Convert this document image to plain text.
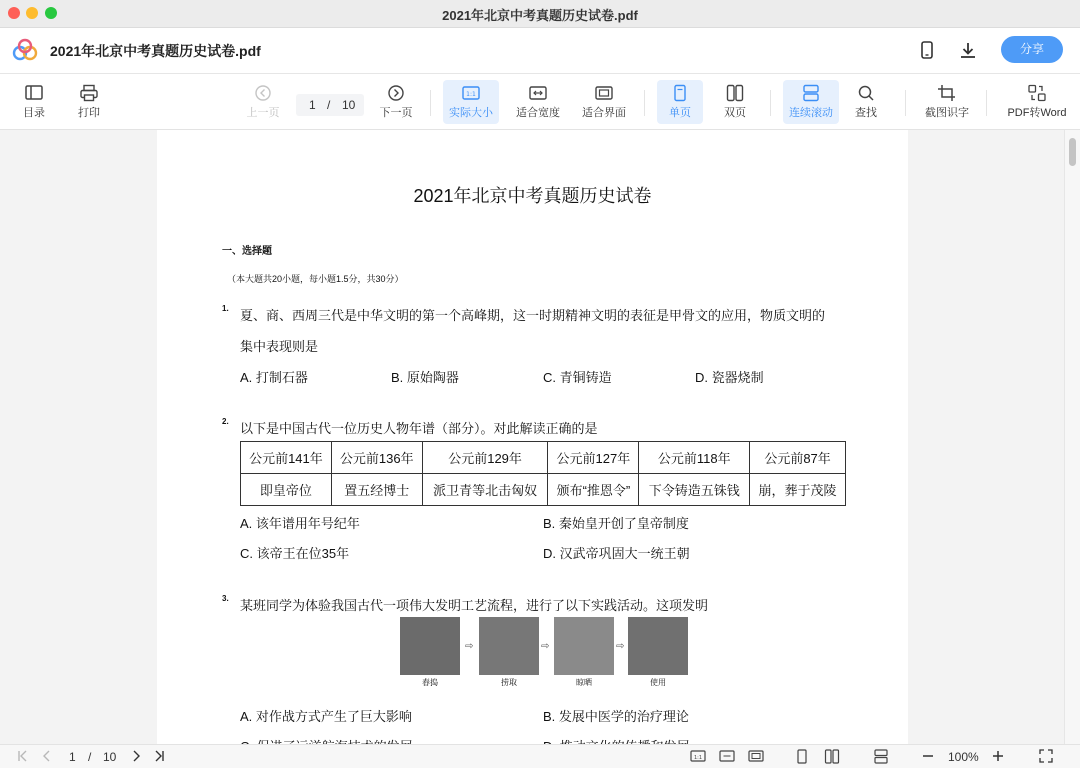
2021年北京中考真题历史试卷.pdf
2021年北京中考真题历史试卷.pdf	分享
目录	打印	上一页
1 / 10
下一页
1:1
实际大小	适合宽度	适合界面	单页	双页	连续滚动	查找	截图识字	PDF转Word
2021年北京中考真题历史试卷
一、选择题
（本大题共20小题，每小题1.5分，共30分）
1. 夏、商、西周三代是中华文明的第一个高峰期，这一时期精神文明的表征是甲骨文的应用，物质文明的
集中表现则是
A. 打制石器	B. 原始陶器	C. 青铜铸造	D. 瓷器烧制
2. 以下是中国古代一位历史人物年谱（部分）。对此解读正确的是
公元前141年	公元前136年	公元前129年	公元前127年	公元前118年	公元前87年
即皇帝位	置五经博士	派卫青等北击匈奴	颁布“推恩令”	下令铸造五铢钱	崩，葬于茂陵
A. 该年谱用年号纪年	B. 秦始皇开创了皇帝制度
C. 该帝王在位35年	D. 汉武帝巩固大一统王朝
3. 某班同学为体验我国古代一项伟大发明工艺流程，进行了以下实践活动。这项发明
舂捣
⇨
捞取
⇨
晾晒
⇨
使用
A. 对作战方式产生了巨大影响	B. 发展中医学的治疗理论
1 / 10	1:1	100%
